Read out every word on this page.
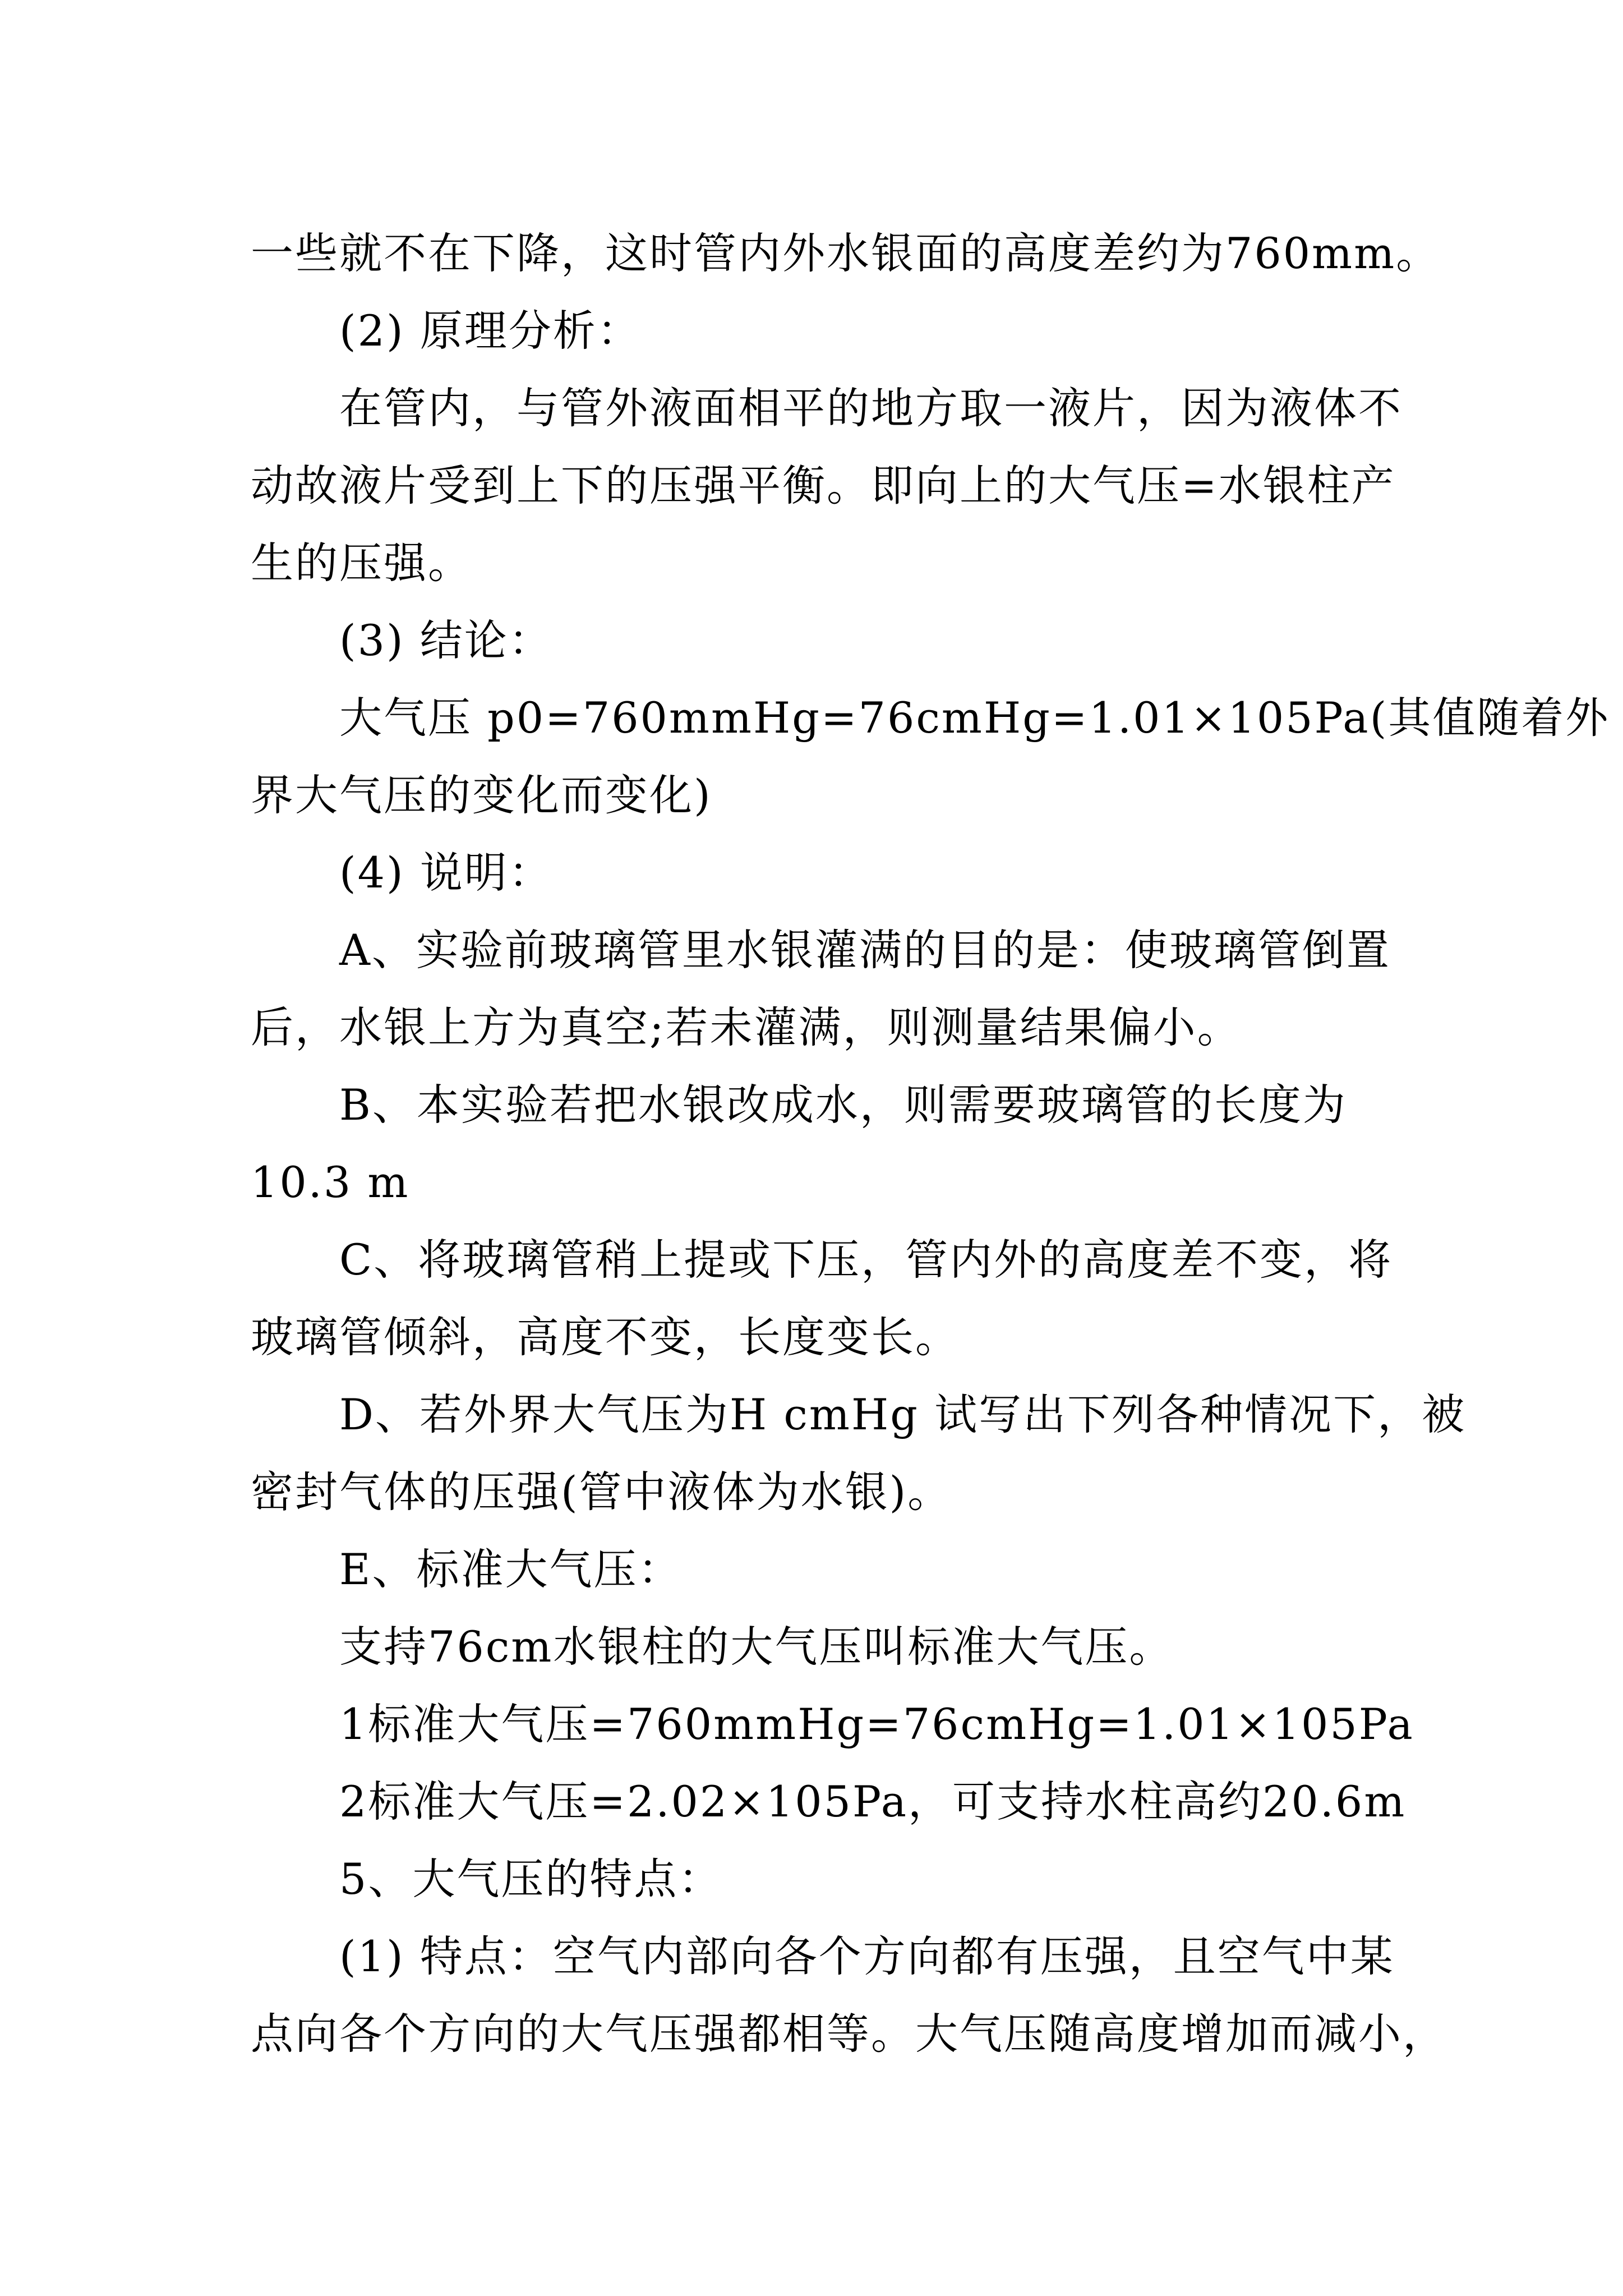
一些就不在下降，这时管内外水银面的高度差约为760mm。
(2) 原理分析：
在管内，与管外液面相平的地方取一液片，因为液体不
动故液片受到上下的压强平衡。即向上的大气压=水银柱产
生的压强。
(3) 结论：
大气压 p0=760mmHg=76cmHg=1.01×105Pa(其值随着外
界大气压的变化而变化)
(4) 说明：
A、实验前玻璃管里水银灌满的目的是：使玻璃管倒置
后，水银上方为真空;若未灌满，则测量结果偏小。
B、本实验若把水银改成水，则需要玻璃管的长度为
10.3 m
C、将玻璃管稍上提或下压，管内外的高度差不变，将
玻璃管倾斜，高度不变，长度变长。
D、若外界大气压为H cmHg 试写出下列各种情况下，被
密封气体的压强(管中液体为水银)。
E、标准大气压：
支持76cm水银柱的大气压叫标准大气压。
1标准大气压=760mmHg=76cmHg=1.01×105Pa
2标准大气压=2.02×105Pa，可支持水柱高约20.6m
5、大气压的特点：
(1) 特点：空气内部向各个方向都有压强，且空气中某
点向各个方向的大气压强都相等。大气压随高度增加而减小，
